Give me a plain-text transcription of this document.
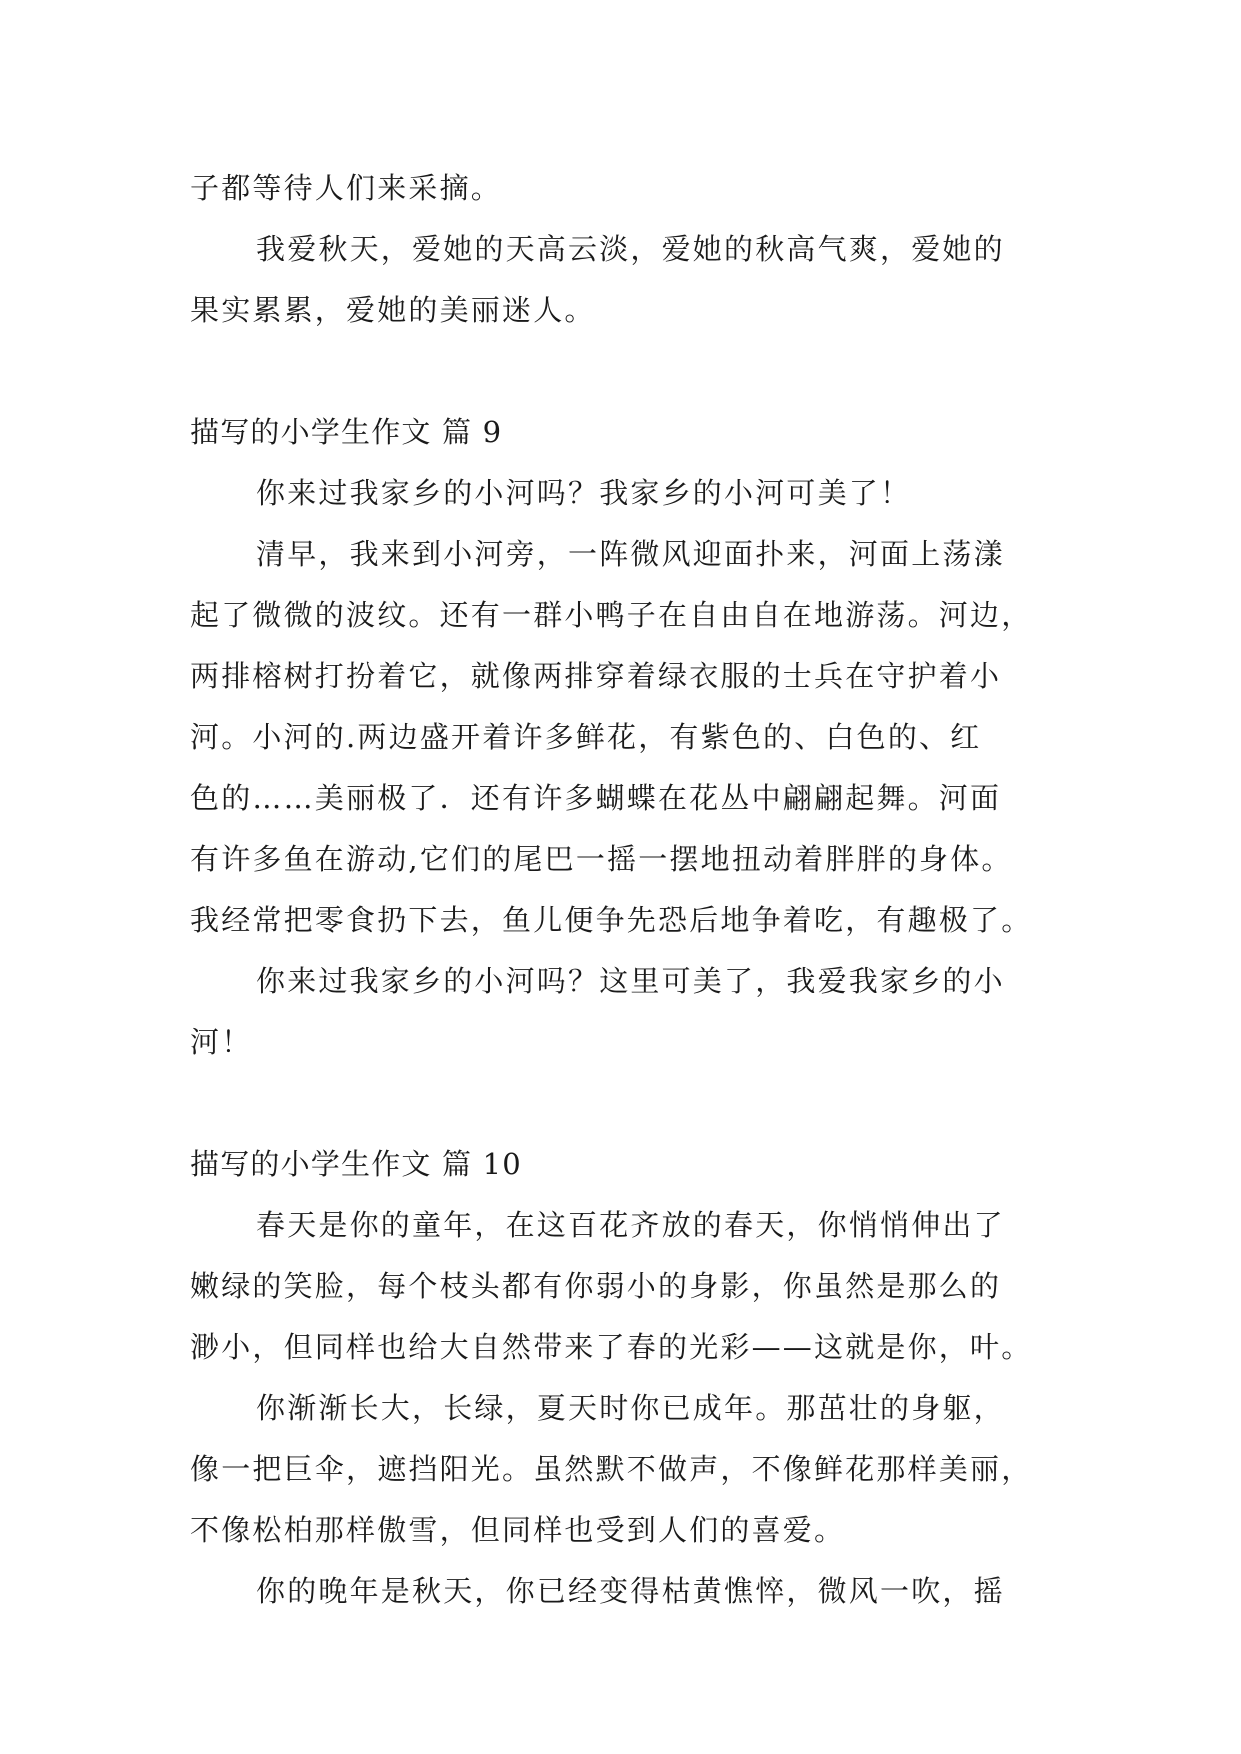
子都等待人们来采摘。
我爱秋天，爱她的天高云淡，爱她的秋高气爽，爱她的
果实累累，爱她的美丽迷人。
描写的小学生作文 篇 9
你来过我家乡的小河吗？我家乡的小河可美了！
清早，我来到小河旁，一阵微风迎面扑来，河面上荡漾
起了微微的波纹。还有一群小鸭子在自由自在地游荡。河边，
两排榕树打扮着它，就像两排穿着绿衣服的士兵在守护着小
河。小河的.两边盛开着许多鲜花，有紫色的、白色的、红
色的……美丽极了．还有许多蝴蝶在花丛中翩翩起舞。河面
有许多鱼在游动,它们的尾巴一摇一摆地扭动着胖胖的身体。
我经常把零食扔下去，鱼儿便争先恐后地争着吃，有趣极了。
你来过我家乡的小河吗？这里可美了，我爱我家乡的小
河！
描写的小学生作文 篇 10
春天是你的童年，在这百花齐放的春天，你悄悄伸出了
嫩绿的笑脸，每个枝头都有你弱小的身影，你虽然是那么的
渺小，但同样也给大自然带来了春的光彩——这就是你，叶。
你渐渐长大，长绿，夏天时你已成年。那茁壮的身躯，
像一把巨伞，遮挡阳光。虽然默不做声，不像鲜花那样美丽，
不像松柏那样傲雪，但同样也受到人们的喜爱。
你的晚年是秋天，你已经变得枯黄憔悴，微风一吹，摇
